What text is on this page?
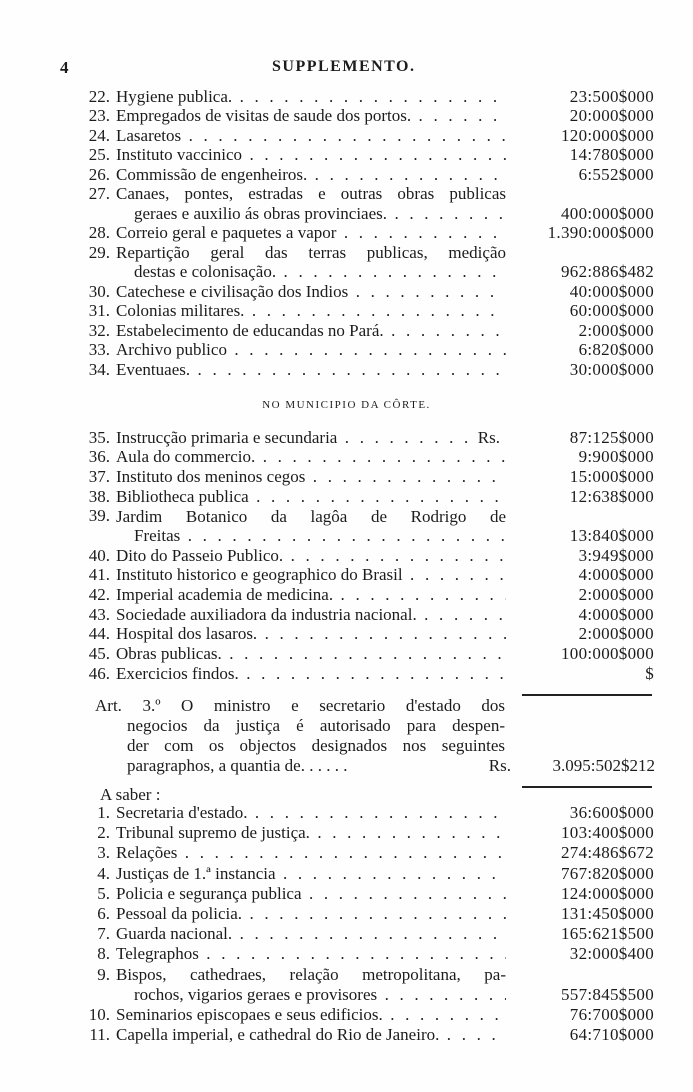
4	SUPPLEMENTO.
22. Hygiene publica. . . .	23:500$000
23. Empregados de visitas de saude dos portos. . . .	20:000$000
24. Lasaretos . . .	120:000$000
25. Instituto vaccinico . . .	14:780$000
26. Commissão de engenheiros. . . .	6:552$000
27. Canaes, pontes, estradas e outras obras publicas
geraes e auxilio ás obras provinciaes. . . .	400:000$000
28. Correio geral e paquetes a vapor . . .	1.390:000$000
29. Repartição geral das terras publicas, medição
destas e colonisação. . . .	962:886$482
30. Catechese e civilisação dos Indios . . .	40:000$000
31. Colonias militares. . . .	60:000$000
32. Estabelecimento de educandas no Pará. . . .	2:000$000
33. Archivo publico . . .	6:820$000
34. Eventuaes. . . .	30:000$000
NO MUNICIPIO DA CÔRTE.
35. Instrucção primaria e secundaria . . .	Rs.	87:125$000
36. Aula do commercio. . . .	9:900$000
37. Instituto dos meninos cegos . . .	15:000$000
38. Bibliotheca publica . . .	12:638$000
39. Jardim Botanico da lagôa de Rodrigo de
Freitas . . .	13:840$000
40. Dito do Passeio Publico. . . .	3:949$000
41. Instituto historico e geographico do Brasil . . .	4:000$000
42. Imperial academia de medicina. . . .	2:000$000
43. Sociedade auxiliadora da industria nacional. . . .	4:000$000
44. Hospital dos lasaros. . . .	2:000$000
45. Obras publicas. . . .	100:000$000
46. Exercicios findos. . . .	$
Art. 3.º O ministro e secretario d'estado dos
negocios da justiça é autorisado para despen-
der com os objectos designados nos seguintes
paragraphos, a quantia de. . . . . .	Rs.	3.095:502$212
A saber :
1. Secretaria d'estado. . . .	36:600$000
2. Tribunal supremo de justiça. . . .	103:400$000
3. Relações . . .	274:486$672
4. Justiças de 1.ª instancia . . .	767:820$000
5. Policia e segurança publica . . .	124:000$000
6. Pessoal da policia. . . .	131:450$000
7. Guarda nacional. . . .	165:621$500
8. Telegraphos . . .	32:000$400
9. Bispos, cathedraes, relação metropolitana, pa-
rochos, vigarios geraes e provisores . . .	557:845$500
10. Seminarios episcopaes e seus edificios. . . .	76:700$000
11. Capella imperial, e cathedral do Rio de Janeiro. . . .	64:710$000
